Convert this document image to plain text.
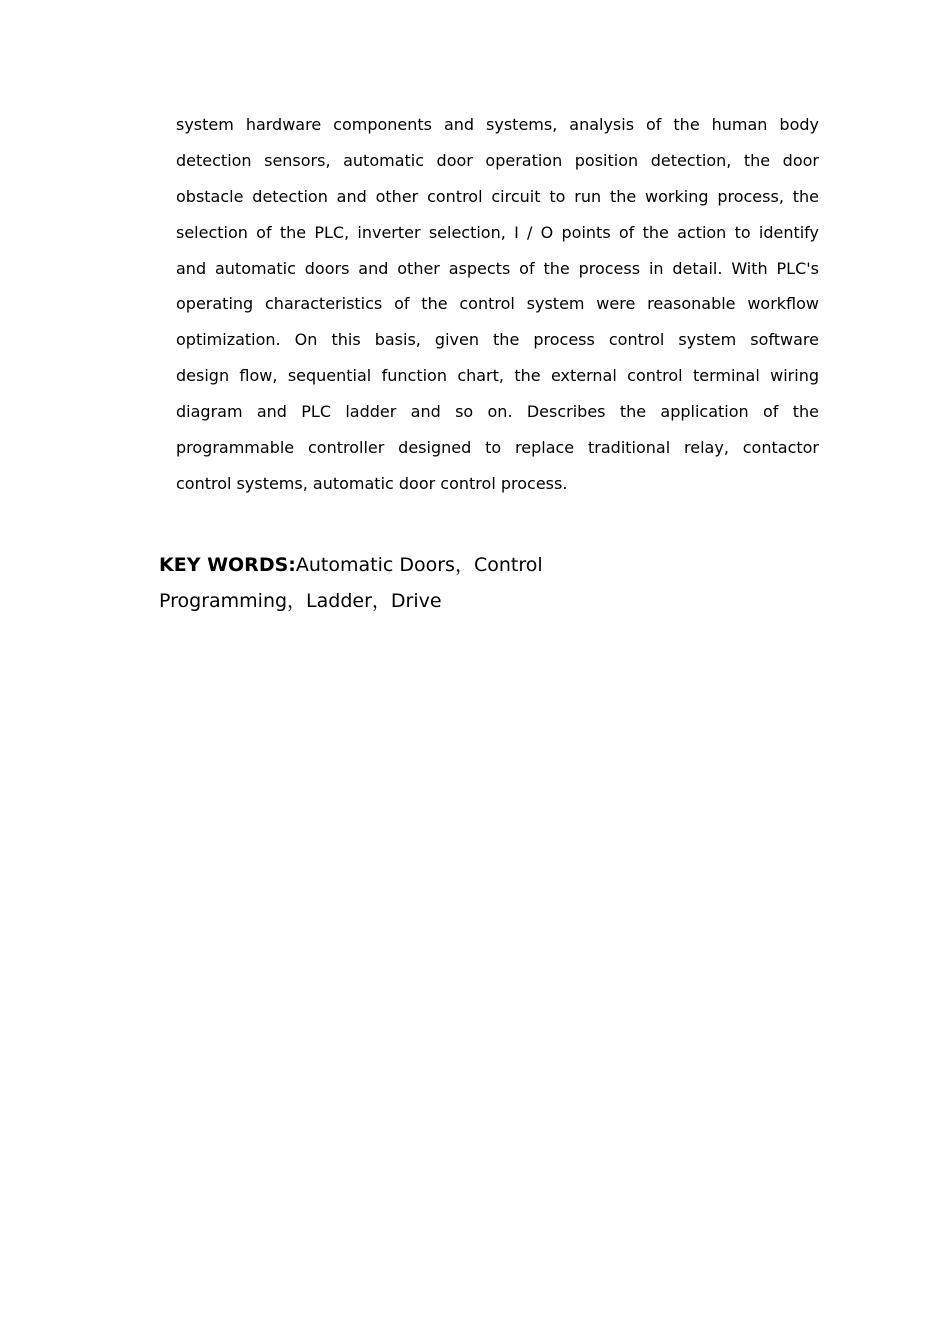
system hardware components and systems, analysis of the human body
detection sensors, automatic door operation position detection, the door
obstacle detection and other control circuit to run the working process, the
selection of the PLC, inverter selection, I / O points of the action to identify
and automatic doors and other aspects of the process in detail. With PLC's
operating characteristics of the control system were reasonable workflow
optimization. On this basis, given the process control system software
design flow, sequential function chart, the external control terminal wiring
diagram and PLC ladder and so on. Describes the application of the
programmable controller designed to replace traditional relay, contactor
control systems, automatic door control process.
KEY WORDS:Automatic Doors，Control
Programming，Ladder，Drive
